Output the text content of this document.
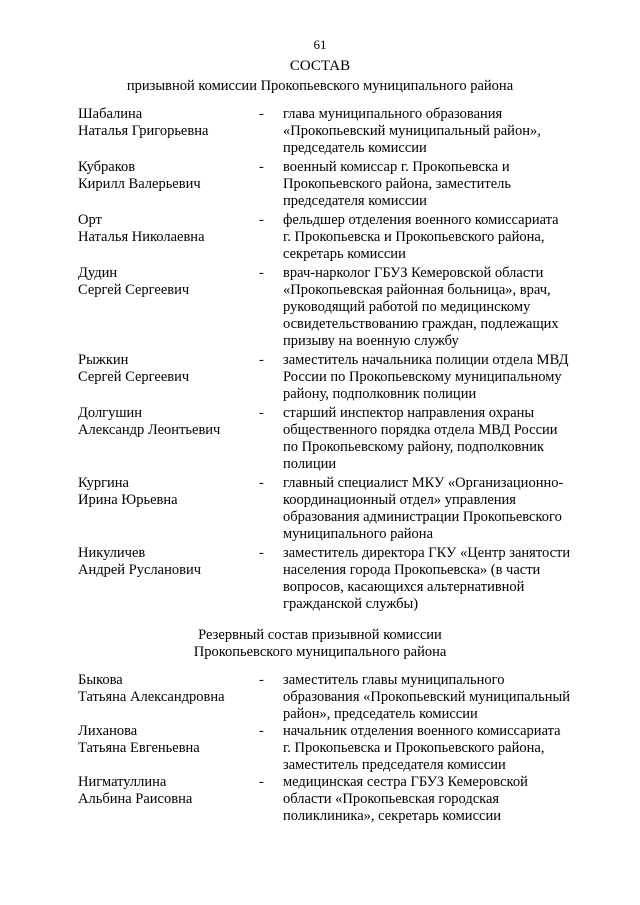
61
СОСТАВ
призывной комиссии Прокопьевского муниципального района
Шабалина
Наталья Григорьевна
- глава муниципального образования
«Прокопьевский муниципальный район»,
председатель комиссии
Кубраков
Кирилл Валерьевич
- военный комиссар г. Прокопьевска и
Прокопьевского района, заместитель
председателя комиссии
Орт
Наталья Николаевна
- фельдшер отделения военного комиссариата
г. Прокопьевска и Прокопьевского района,
секретарь комиссии
Дудин
Сергей Сергеевич
- врач-нарколог ГБУЗ Кемеровской области
«Прокопьевская районная больница», врач,
руководящий работой по медицинскому
освидетельствованию граждан, подлежащих
призыву на военную службу
Рыжкин
Сергей Сергеевич
- заместитель начальника полиции отдела МВД
России по Прокопьевскому муниципальному
району, подполковник полиции
Долгушин
Александр Леонтьевич
- старший инспектор направления охраны
общественного порядка отдела МВД России
по Прокопьевскому району, подполковник
полиции
Кургина
Ирина Юрьевна
- главный специалист МКУ «Организационно-
координационный отдел» управления
образования администрации Прокопьевского
муниципального района
Никуличев
Андрей Русланович
- заместитель директора ГКУ «Центр занятости
населения города Прокопьевска» (в части
вопросов, касающихся альтернативной
гражданской службы)
Резервный состав призывной комиссии
Прокопьевского муниципального района
Быкова
Татьяна Александровна
- заместитель главы муниципального
образования «Прокопьевский муниципальный
район», председатель комиссии
Лиханова
Татьяна Евгеньевна
- начальник отделения военного комиссариата
г. Прокопьевска и Прокопьевского района,
заместитель председателя комиссии
Нигматуллина
Альбина Раисовна
- медицинская сестра ГБУЗ Кемеровской
области «Прокопьевская городская
поликлиника», секретарь комиссии
